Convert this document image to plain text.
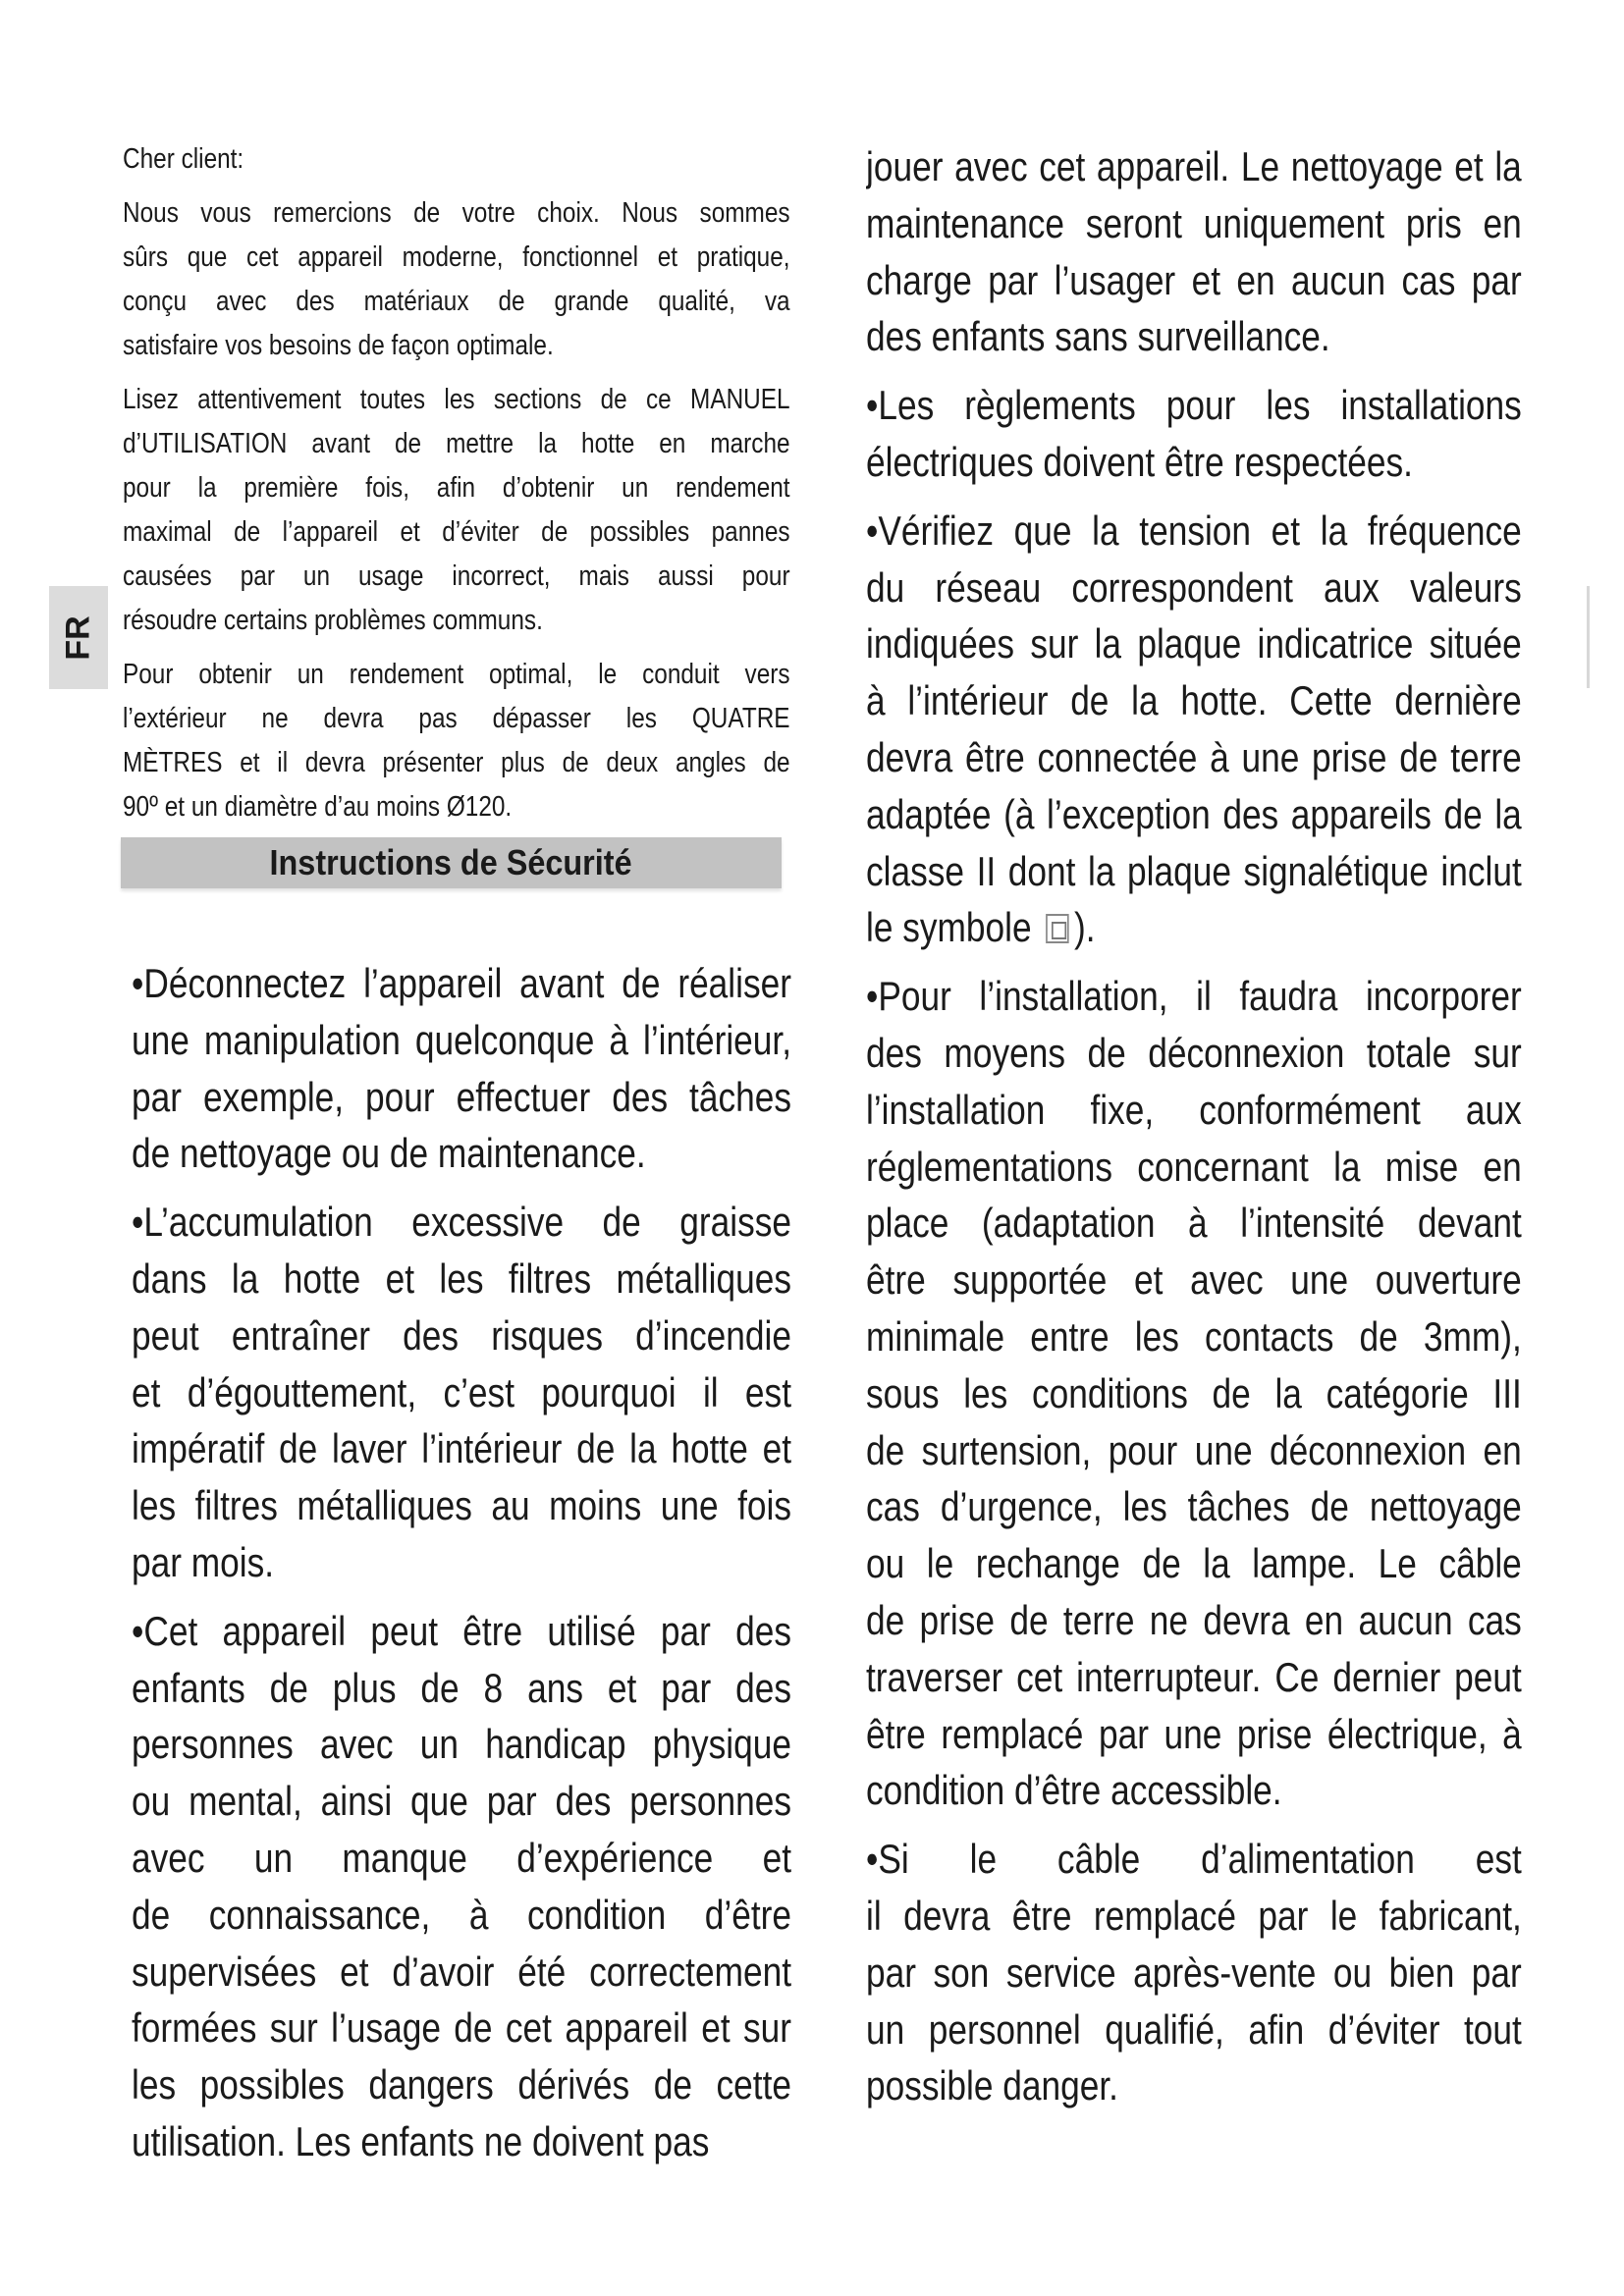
FR
Cher client:
Nous vous remercions de votre choix. Nous sommes
sûrs que cet appareil moderne, fonctionnel et pratique,
conçu avec des matériaux de grande qualité, va
satisfaire vos besoins de façon optimale.
Lisez attentivement toutes les sections de ce MANUEL
d’UTILISATION avant de mettre la hotte en marche
pour la première fois, afin d’obtenir un rendement
maximal de l’appareil et d’éviter de possibles pannes
causées par un usage incorrect, mais aussi pour
résoudre certains problèmes communs.
Pour obtenir un rendement optimal, le conduit vers
l’extérieur ne devra pas dépasser les QUATRE
MÈTRES et il devra présenter plus de deux angles de
90º et un diamètre d’au moins Ø120.
Instructions de Sécurité
•Déconnectez l’appareil avant de réaliser
une manipulation quelconque à l’intérieur,
par exemple, pour effectuer des tâches
de nettoyage ou de maintenance.
•L’accumulation excessive de graisse
dans la hotte et les filtres métalliques
peut entraîner des risques d’incendie
et d’égouttement, c’est pourquoi il est
impératif de laver l’intérieur de la hotte et
les filtres métalliques au moins une fois
par mois.
•Cet appareil peut être utilisé par des
enfants de plus de 8 ans et par des
personnes avec un handicap physique
ou mental, ainsi que par des personnes
avec un manque d’expérience et
de connaissance, à condition d’être
supervisées et d’avoir été correctement
formées sur l’usage de cet appareil et sur
les possibles dangers dérivés de cette
utilisation. Les enfants ne doivent pas
jouer avec cet appareil. Le nettoyage et la
maintenance seront uniquement pris en
charge par l’usager et en aucun cas par
des enfants sans surveillance.
•Les règlements pour les installations
électriques doivent être respectées.
•Vérifiez que la tension et la fréquence
du réseau correspondent aux valeurs
indiquées sur la plaque indicatrice située
à l’intérieur de la hotte. Cette dernière
devra être connectée à une prise de terre
adaptée (à l’exception des appareils de la
classe II dont la plaque signalétique inclut
le symbole ).
•Pour l’installation, il faudra incorporer
des moyens de déconnexion totale sur
l’installation fixe, conformément aux
réglementations concernant la mise en
place (adaptation à l’intensité devant
être supportée et avec une ouverture
minimale entre les contacts de 3mm),
sous les conditions de la catégorie III
de surtension, pour une déconnexion en
cas d’urgence, les tâches de nettoyage
ou le rechange de la lampe. Le câble
de prise de terre ne devra en aucun cas
traverser cet interrupteur. Ce dernier peut
être remplacé par une prise électrique, à
condition d’être accessible.
•Si le câble d’alimentation est
il devra être remplacé par le fabricant,
par son service après-vente ou bien par
un personnel qualifié, afin d’éviter tout
possible danger.
